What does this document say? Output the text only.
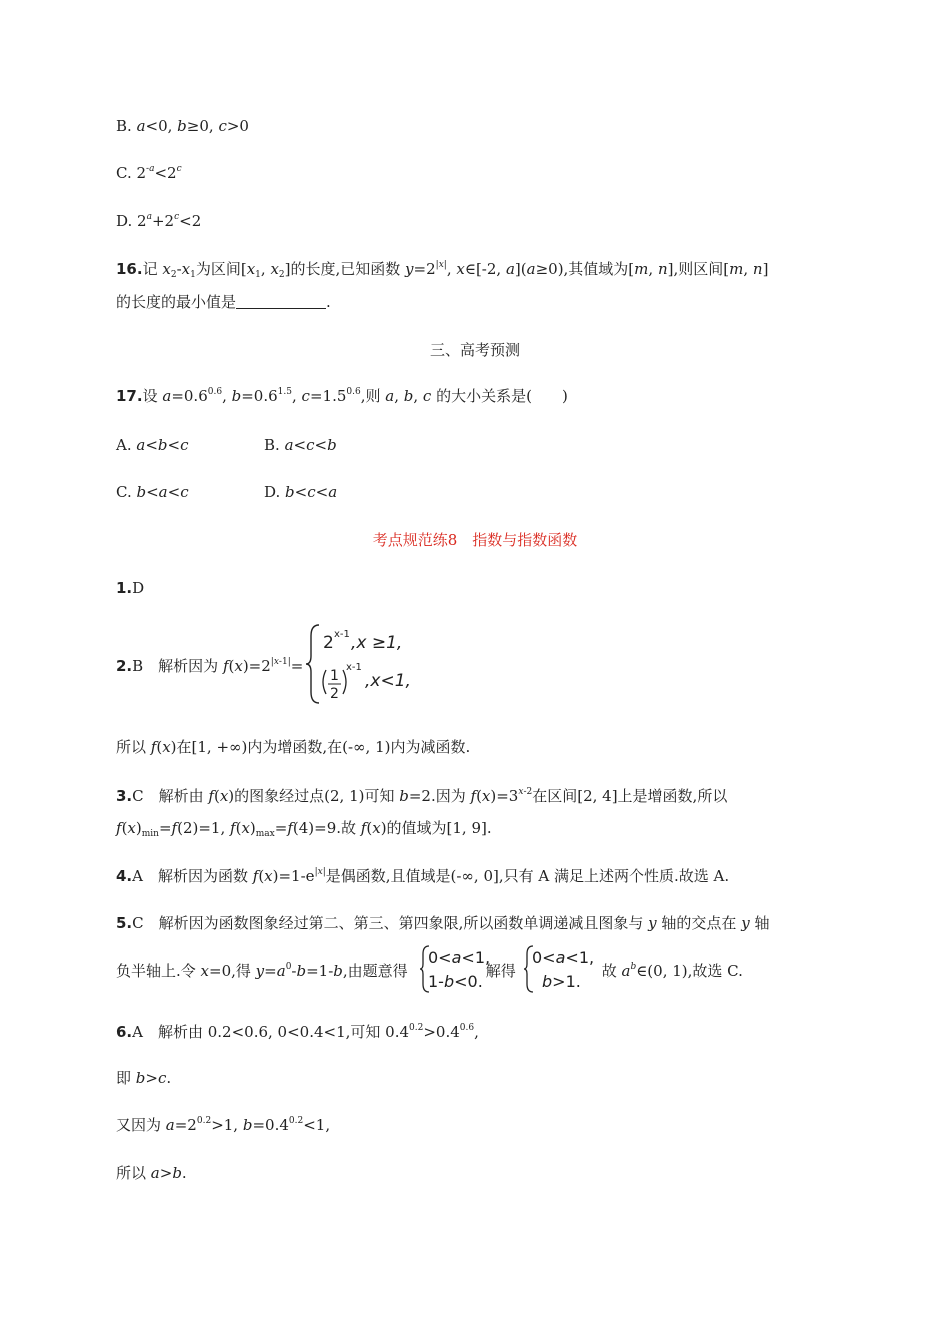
B. a<0, b≥0, c>0
C. $2^{-a}<2^c$
D. $2^a+2^c<2$
16.记 $x_2-x_1$为区间[$x_1$, $x_2$]的长度,已知函数 $y=2^{|x|}$, x∈[-2, a](a≥0),其值域为[m, n],则区间[m, n]
的长度的最小值是	.
三、高考预测
17.设 $a=0.6^{0.6}$, $b=0.6^{1.5}$, $c=1.5^{0.6}$,则 a, b, c 的大小关系是(　　)
A. a<b<c	B. a<c<b
C. b<a<c	D. b<c<a
考点规范练8　指数与指数函数
1.D
2.B　解析因为 $f(x)=2^{|x-1|}=$
2 x-1 ,x ≥1,
1
2
x-1
,x<1,
所以 f(x)在[1, +∞)内为增函数,在(-∞, 1)内为减函数.
3.C　解析由 f(x)的图象经过点(2, 1)可知 b=2.因为 $f(x)=3^{x-2}$在区间[2, 4]上是增函数,所以
$f(x)_{min}=f(2)=1$, $f(x)_{max}=f(4)=9$.故 f(x)的值域为[1, 9].
4.A　解析因为函数 $f(x)=1-e^{|x|}$是偶函数,且值域是(-∞, 0],只有 A 满足上述两个性质.故选 A.
5.C　解析因为函数图象经过第二、第三、第四象限,所以函数单调递减且图象与 y 轴的交点在 y 轴
负半轴上.令 x=0,得 $y=a^0-b=1-b$,由题意得	解得	故 $a^b\in(0$, 1),故选 C.
0<a<1,
1-b<0.
0<a<1,
b>1.
6.A　解析由 0.2<0.6, 0<0.4<1,可知 $0.4^{0.2}>0.4^{0.6}$,
即 b>c.
又因为 $a=2^{0.2}>1$, $b=0.4^{0.2}<1$,
所以 a>b.
